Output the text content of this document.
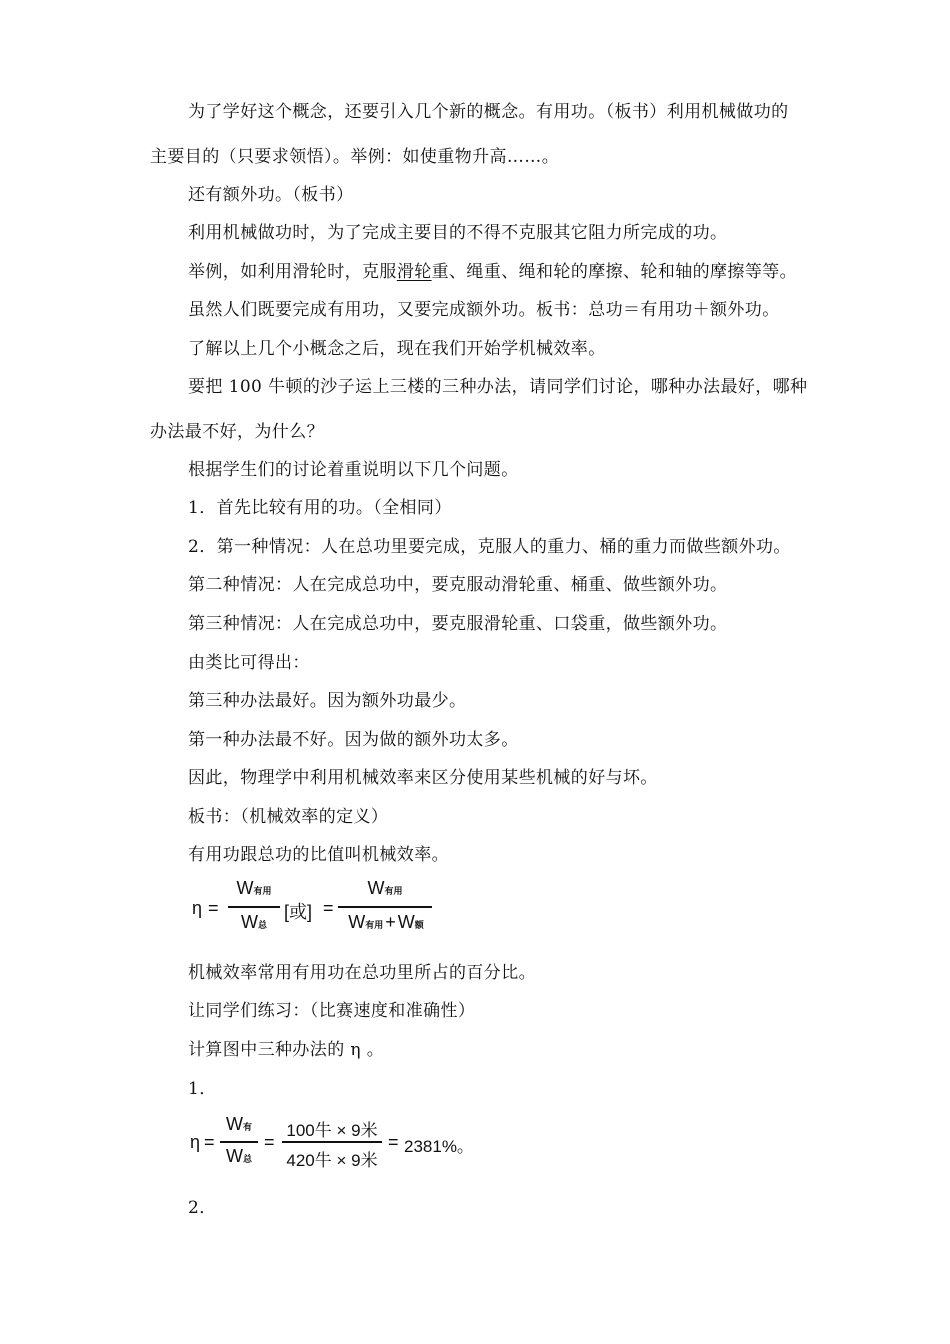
为了学好这个概念，还要引入几个新的概念。有用功。（板书）利用机械做功的
主要目的（只要求领悟）。举例：如使重物升高……。
还有额外功。（板书）
利用机械做功时，为了完成主要目的不得不克服其它阻力所完成的功。
举例，如利用滑轮时，克服滑轮重、绳重、绳和轮的摩擦、轮和轴的摩擦等等。
虽然人们既要完成有用功，又要完成额外功。板书：总功＝有用功＋额外功。
了解以上几个小概念之后，现在我们开始学机械效率。
要把 100 牛顿的沙子运上三楼的三种办法，请同学们讨论，哪种办法最好，哪种
办法最不好，为什么？
根据学生们的讨论着重说明以下几个问题。
1．首先比较有用的功。（全相同）
2．第一种情况：人在总功里要完成，克服人的重力、桶的重力而做些额外功。
第二种情况：人在完成总功中，要克服动滑轮重、桶重、做些额外功。
第三种情况：人在完成总功中，要克服滑轮重、口袋重，做些额外功。
由类比可得出：
第三种办法最好。因为额外功最少。
第一种办法最不好。因为做的额外功太多。
因此，物理学中利用机械效率来区分使用某些机械的好与坏。
板书：（机械效率的定义）
有用功跟总功的比值叫机械效率。
η =
W有用
W总
[或] =
W有用
W有用 + W额
机械效率常用有用功在总功里所占的百分比。
让同学们练习：（比赛速度和准确性）
计算图中三种办法的 η 。
1．
η =
W有
W总
=
100牛 × 9米
420牛 × 9米
= 2381%。
2．
